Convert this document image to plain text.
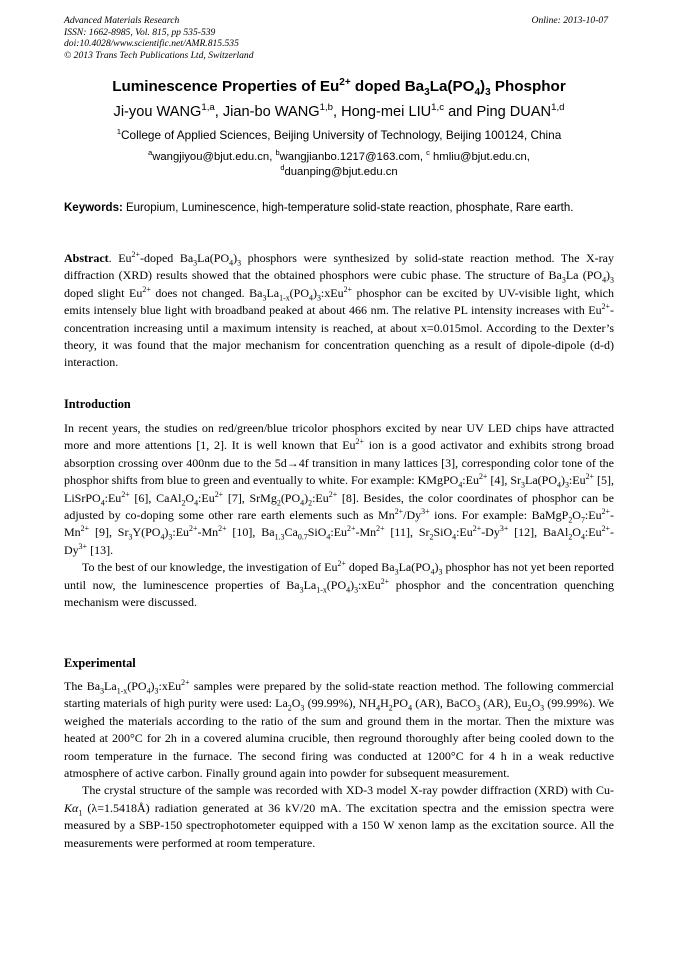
Advanced Materials Research
ISSN: 1662-8985, Vol. 815, pp 535-539
doi:10.4028/www.scientific.net/AMR.815.535
© 2013 Trans Tech Publications Ltd, Switzerland
Online: 2013-10-07
Luminescence Properties of $Eu^{2+}$ doped $Ba_3La(PO_4)_3$ Phosphor
Ji-you WANG$^{1,a}$, Jian-bo WANG$^{1,b}$, Hong-mei LIU$^{1,c}$ and Ping DUAN$^{1,d}$
$^1$College of Applied Sciences, Beijing University of Technology, Beijing 100124, China
$^a$wangjiyou@bjut.edu.cn, $^b$wangjianbo.1217@163.com, $^c$ hmliu@bjut.edu.cn,
$^d$duanping@bjut.edu.cn
Keywords: Europium, Luminescence, high-temperature solid-state reaction, phosphate, Rare earth.
Abstract. $Eu^{2+}$-doped $Ba_3La(PO_4)_3$ phosphors were synthesized by solid-state reaction method. The X-ray diffraction (XRD) results showed that the obtained phosphors were cubic phase. The structure of $Ba_3La$ $(PO_4)_3$ doped slight $Eu^{2+}$ does not changed. $Ba_3La_{1-x}(PO_4)_3:xEu^{2+}$ phosphor can be excited by UV-visible light, which emits intensely blue light with broadband peaked at about 466 nm. The relative PL intensity increases with $Eu^{2+}$-concentration increasing until a maximum intensity is reached, at about x=0.015mol. According to the Dexter’s theory, it was found that the major mechanism for concentration quenching as a result of dipole-dipole (d-d) interaction.
Introduction

In recent years, the studies on red/green/blue tricolor phosphors excited by near UV LED chips have attracted more and more attentions [1, 2]. It is well known that $Eu^{2+}$ ion is a good activator and exhibits strong broad absorption crossing over 400nm due to the 5d→4f transition in many lattices [3], corresponding color tone of the phosphor shifts from blue to green and eventually to white. For example: $KMgPO_4:Eu^{2+}$ [4], $Sr_3La(PO_4)_3:Eu^{2+}$ [5], $LiSrPO_4:Eu^{2+}$ [6], $CaAl_2O_4:Eu^{2+}$ [7], $SrMg_2(PO_4)_2:Eu^{2+}$ [8]. Besides, the color coordinates of phosphor can be adjusted by co-doping some other rare earth elements such as $Mn^{2+}/Dy^{3+}$ ions. For example: $BaMgP_2O_7:Eu^{2+}-Mn^{2+}$ [9], $Sr_3Y(PO_4)_3:Eu^{2+}-Mn^{2+}$ [10], $Ba_{1.3}Ca_{0.7}SiO_4:Eu^{2+}-Mn^{2+}$ [11], $Sr_2SiO_4:Eu^{2+}-Dy^{3+}$ [12], $BaAl_2O_4:Eu^{2+}-Dy^{3+}$ [13].

To the best of our knowledge, the investigation of $Eu^{2+}$ doped $Ba_3La(PO_4)_3$ phosphor has not yet been reported until now, the luminescence properties of $Ba_3La_{1-x}(PO_4)_3:xEu^{2+}$ phosphor and the concentration quenching mechanism were discussed.

Experimental

The $Ba_3La_{1-x}(PO_4)_3:xEu^{2+}$ samples were prepared by the solid-state reaction method. The following commercial starting materials of high purity were used: $La_2O_3$ (99.99%), $NH_4H_2PO_4$ (AR), BaCO$_3$ (AR), $Eu_2O_3$ (99.99%). We weighed the materials according to the ratio of the sum and ground them in the mortar. Then the mixture was heated at 200°C for 2h in a covered alumina crucible, then reground thoroughly after being cooled down to the room temperature in the furnace. The second firing was conducted at 1200°C for 4 h in a weak reductive atmosphere of active carbon. Finally ground again into powder for subsequent measurement.

The crystal structure of the sample was recorded with XD-3 model X-ray powder diffraction (XRD) with Cu- $K\alpha_1$ (λ=1.5418Å) radiation generated at 36 kV/20 mA. The excitation spectra and the emission spectra were measured by a SBP-150 spectrophotometer equipped with a 150 W xenon lamp as the excitation source. All the measurements were performed at room temperature.
